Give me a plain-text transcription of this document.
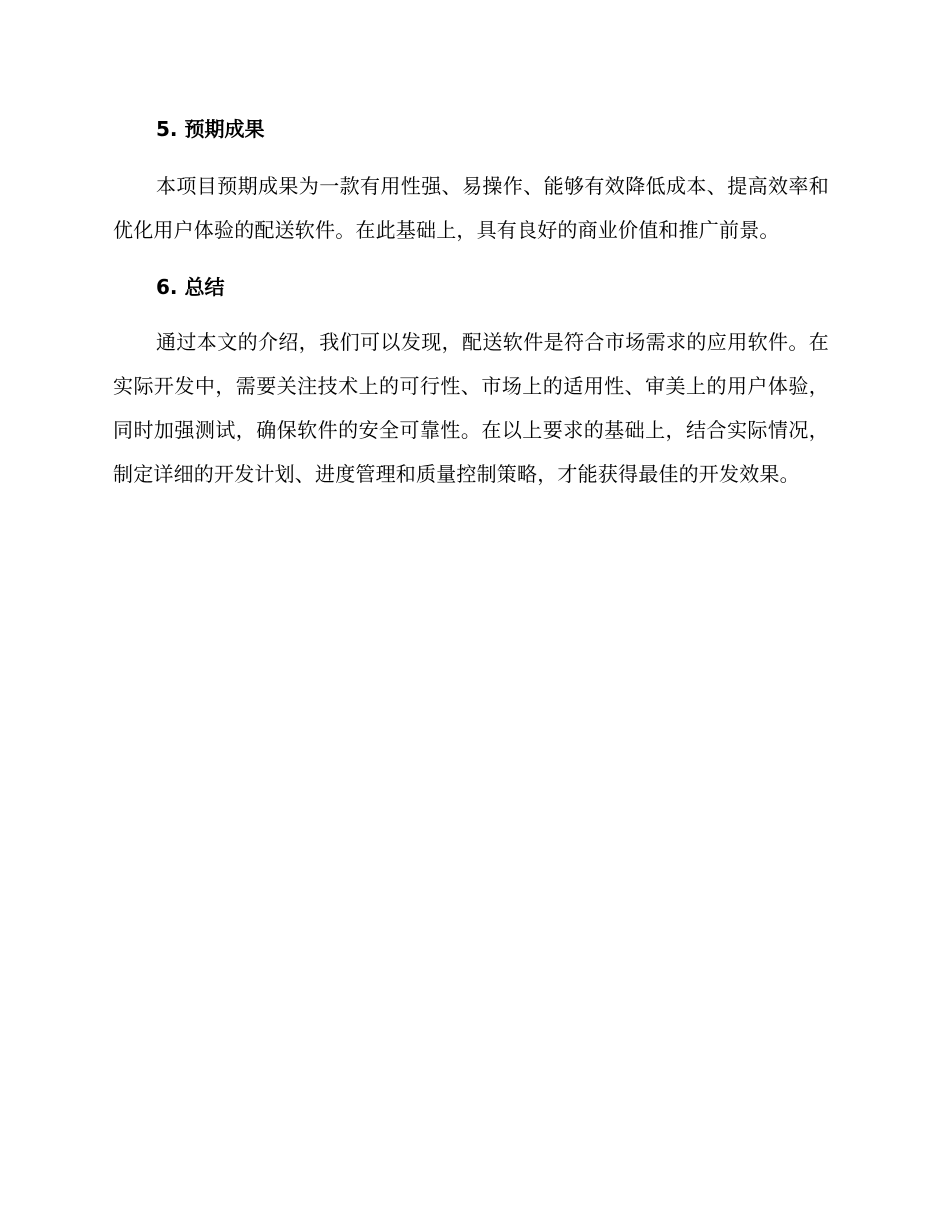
5. 预期成果

本项目预期成果为一款有用性强、易操作、能够有效降低成本、提高效率和优化用户体验的配送软件。在此基础上，具有良好的商业价值和推广前景。

6. 总结

通过本文的介绍，我们可以发现，配送软件是符合市场需求的应用软件。在实际开发中，需要关注技术上的可行性、市场上的适用性、审美上的用户体验，同时加强测试，确保软件的安全可靠性。在以上要求的基础上，结合实际情况，制定详细的开发计划、进度管理和质量控制策略，才能获得最佳的开发效果。
